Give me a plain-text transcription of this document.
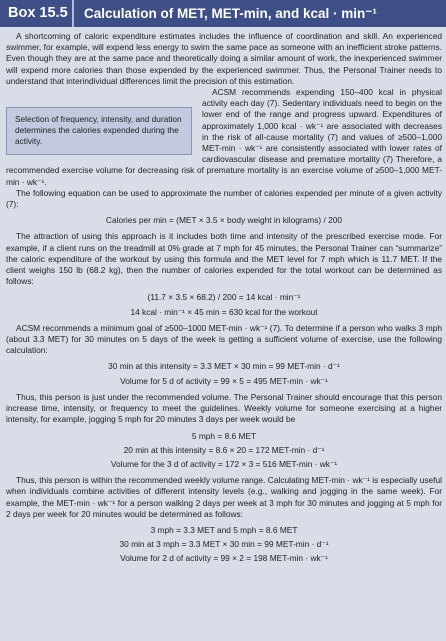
Box 15.5	Calculation of MET, MET-min, and kcal · min⁻¹

A shortcoming of caloric expenditure estimates includes the influence of coordination and skill. An experienced swimmer, for example, will expend less energy to swim the same pace as someone with an inefficient stroke patterns. Even though they are at the same pace and theoretically doing a similar amount of work, the inexperienced swimmer will expend more calories than those expended by the experienced swimmer. Thus, the Personal Trainer needs to understand that interindividual differences limit the precision of this estimation.

Selection of frequency, intensity, and duration determines the calories expended during the activity.

ACSM recommends expending 150–400 kcal in physical activity each day (7). Sedentary individuals need to begin on the lower end of the range and progress upward. Expenditures of approximately 1,000 kcal · wk⁻¹ are associated with decreases in the risk of all-cause mortality (7) and values of ≥500–1,000 MET-min · wk⁻¹ are consistently associated with lower rates of cardiovascular disease and premature mortality (7) Therefore, a recommended exercise volume for decreasing risk of premature mortality is an exercise volume of ≥500–1,000 MET-min · wk⁻¹.

The following equation can be used to approximate the number of calories expended per minute of a given activity (7):

Calories per min = (MET × 3.5 × body weight in kilograms) / 200

The attraction of using this approach is it includes both time and intensity of the prescribed exercise mode. For example, if a client runs on the treadmill at 0% grade at 7 mph for 45 minutes, the Personal Trainer can “summarize” the caloric expenditure of the workout by using this formula and the MET level for 7 mph which is 11.7 MET. If the client weighs 150 lb (68.2 kg), then the number of calories expended for the total workout can be determined as follows:

(11.7 × 3.5 × 68.2) / 200 = 14 kcal · min⁻¹

14 kcal · min⁻¹ × 45 min = 630 kcal for the workout

ACSM recommends a minimum goal of ≥500–1000 MET-min · wk⁻¹ (7). To determine if a person who walks 3 mph (about 3.3 MET) for 30 minutes on 5 days of the week is getting a sufficient volume of exercise, use the following calculation:

30 min at this intensity = 3.3 MET × 30 min = 99 MET-min · d⁻¹

Volume for 5 d of activity = 99 × 5 = 495 MET-min · wk⁻¹

Thus, this person is just under the recommended volume. The Personal Trainer should encourage that this person increase time, intensity, or frequency to meet the guidelines. Weekly volume for someone exercising at a higher intensity, for example, jogging 5 mph for 20 minutes 3 days per week would be

5 mph = 8.6 MET

20 min at this intensity = 8.6 × 20 = 172 MET-min · d⁻¹

Volume for the 3 d of activity = 172 × 3 = 516 MET-min · wk⁻¹

Thus, this person is within the recommended weekly volume range. Calculating MET-min · wk⁻¹ is especially useful when individuals combine activities of different intensity levels (e.g., walking and jogging in the same week). For example, the MET-min · wk⁻¹ for a person walking 2 days per week at 3 mph for 30 minutes and jogging at 5 mph for 2 days per week for 20 minutes would be determined as follows:

3 mph = 3.3 MET and 5 mph = 8.6 MET

30 min at 3 mph = 3.3 MET × 30 min = 99 MET-min · d⁻¹

Volume for 2 d of activity = 99 × 2 = 198 MET-min · wk⁻¹
